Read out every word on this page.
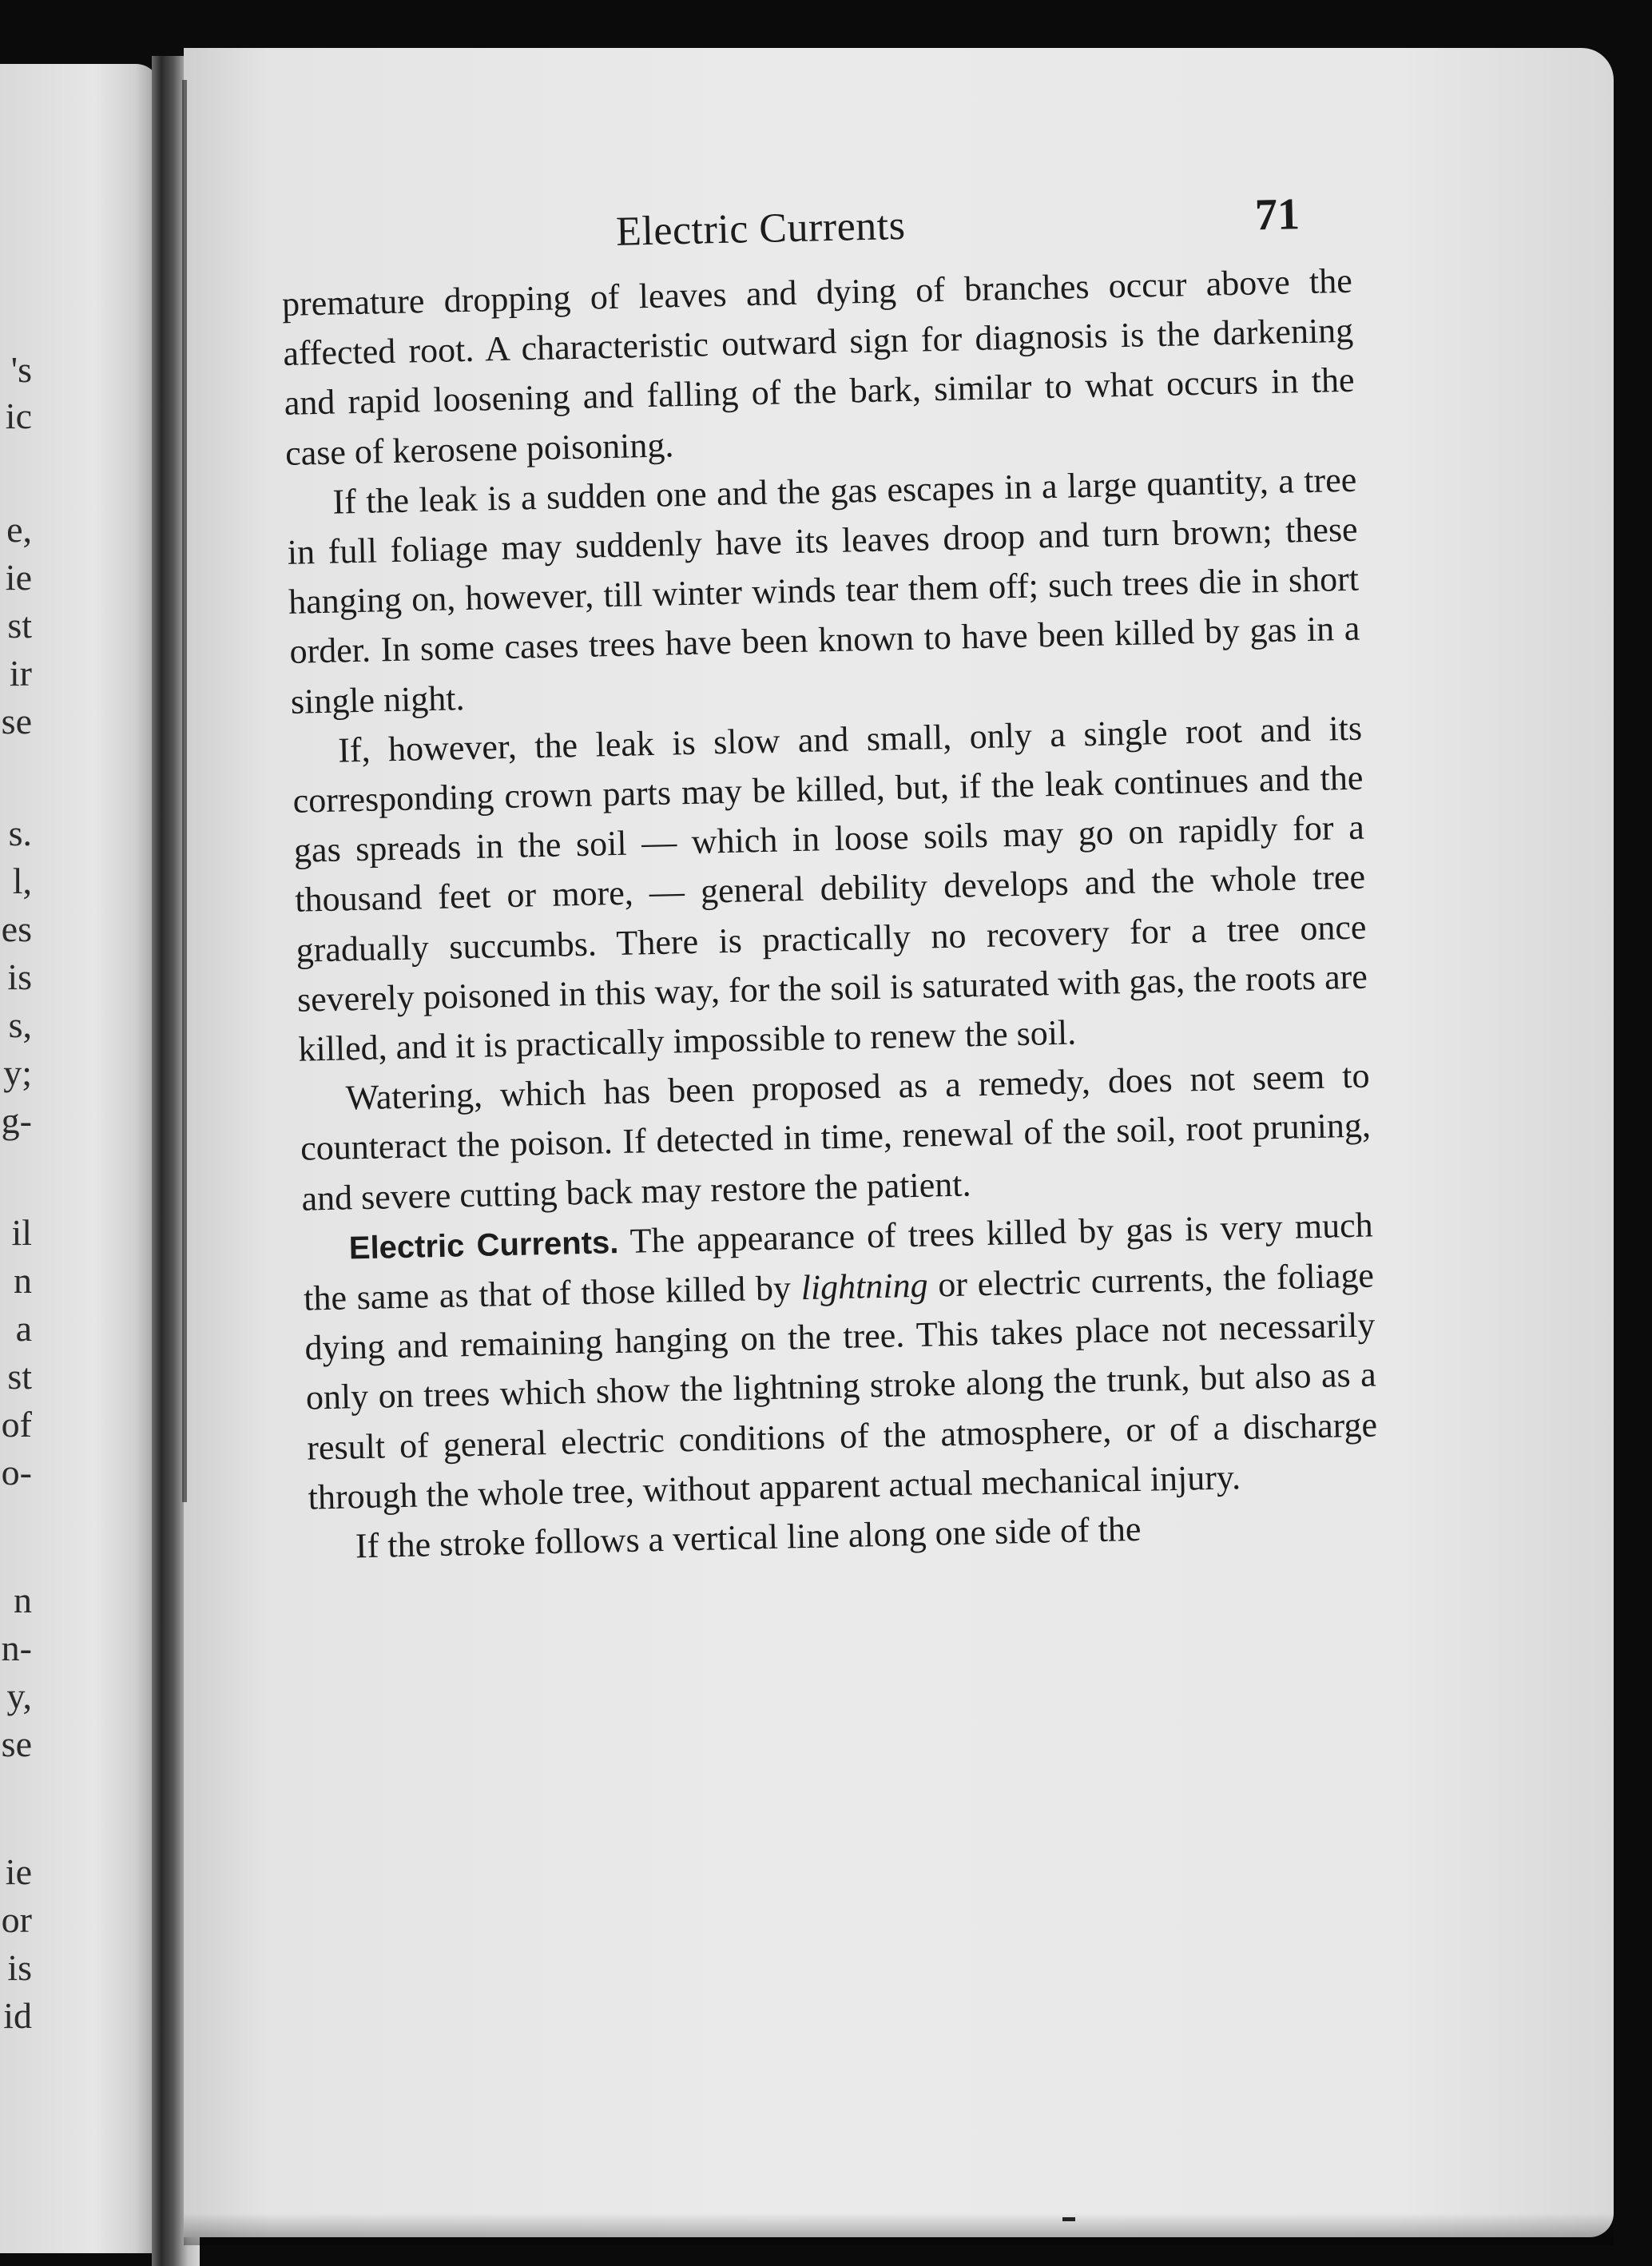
's
ic
e,
ie
st
ir
se
s.
l,
es
is
s,
y;
g-
il
n
a
st
of
o-
n
n-
y,
se
ie
or
is
id
Electric Currents	71

premature dropping of leaves and dying of branches occur above the affected root. A characteristic outward sign for diagnosis is the darkening and rapid loosening and falling of the bark, similar to what occurs in the case of kerosene poisoning.

If the leak is a sudden one and the gas escapes in a large quantity, a tree in full foliage may suddenly have its leaves droop and turn brown; these hanging on, however, till winter winds tear them off; such trees die in short order. In some cases trees have been known to have been killed by gas in a single night.

If, however, the leak is slow and small, only a single root and its corresponding crown parts may be killed, but, if the leak continues and the gas spreads in the soil — which in loose soils may go on rapidly for a thousand feet or more, — general debility develops and the whole tree gradually succumbs. There is practically no recovery for a tree once severely poisoned in this way, for the soil is saturated with gas, the roots are killed, and it is practically impossible to renew the soil.

Watering, which has been proposed as a remedy, does not seem to counteract the poison. If detected in time, renewal of the soil, root pruning, and severe cutting back may restore the patient.

Electric Currents. The appearance of trees killed by gas is very much the same as that of those killed by lightning or electric currents, the foliage dying and remaining hanging on the tree. This takes place not necessarily only on trees which show the lightning stroke along the trunk, but also as a result of general electric conditions of the atmosphere, or of a discharge through the whole tree, without apparent actual mechanical injury.

If the stroke follows a vertical line along one side of the
